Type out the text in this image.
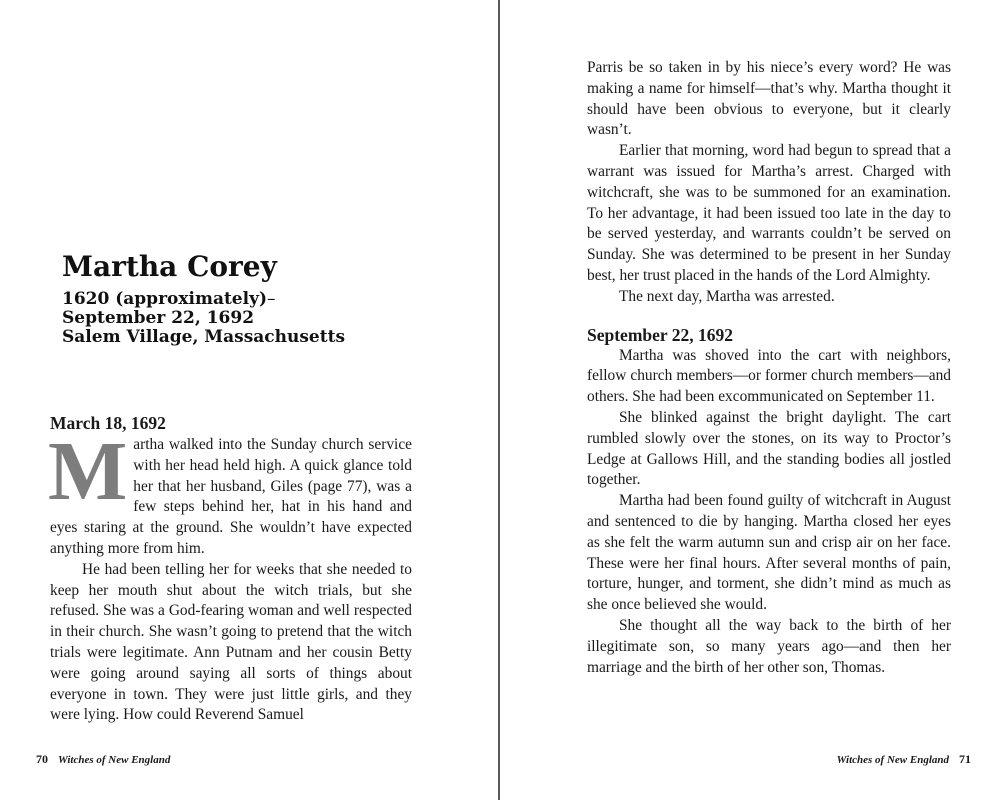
Martha Corey
1620 (approximately)–
September 22, 1692
Salem Village, Massachusetts
March 18, 1692

Martha walked into the Sunday church service with her head held high. A quick glance told her that her husband, Giles (page 77), was a few steps behind her, hat in his hand and eyes staring at the ground. She wouldn’t have expected anything more from him.

He had been telling her for weeks that she needed to keep her mouth shut about the witch trials, but she refused. She was a God-fearing woman and well respected in their church. She wasn’t going to pretend that the witch trials were legitimate. Ann Putnam and her cousin Betty were going around saying all sorts of things about everyone in town. They were just little girls, and they were lying. How could Reverend Samuel

70 Witches of New England

Parris be so taken in by his niece’s every word? He was making a name for himself—that’s why. Martha thought it should have been obvious to everyone, but it clearly wasn’t.

Earlier that morning, word had begun to spread that a warrant was issued for Martha’s arrest. Charged with witchcraft, she was to be summoned for an examination. To her advantage, it had been issued too late in the day to be served yesterday, and warrants couldn’t be served on Sunday. She was determined to be present in her Sunday best, her trust placed in the hands of the Lord Almighty.

The next day, Martha was arrested.

September 22, 1692

Martha was shoved into the cart with neighbors, fellow church members—or former church members—and others. She had been excommunicated on September 11.

She blinked against the bright daylight. The cart rumbled slowly over the stones, on its way to Proctor’s Ledge at Gallows Hill, and the standing bodies all jostled together.

Martha had been found guilty of witchcraft in August and sentenced to die by hanging. Martha closed her eyes as she felt the warm autumn sun and crisp air on her face. These were her final hours. After several months of pain, torture, hunger, and torment, she didn’t mind as much as she once believed she would.

She thought all the way back to the birth of her illegitimate son, so many years ago—and then her marriage and the birth of her other son, Thomas.

Witches of New England 71
